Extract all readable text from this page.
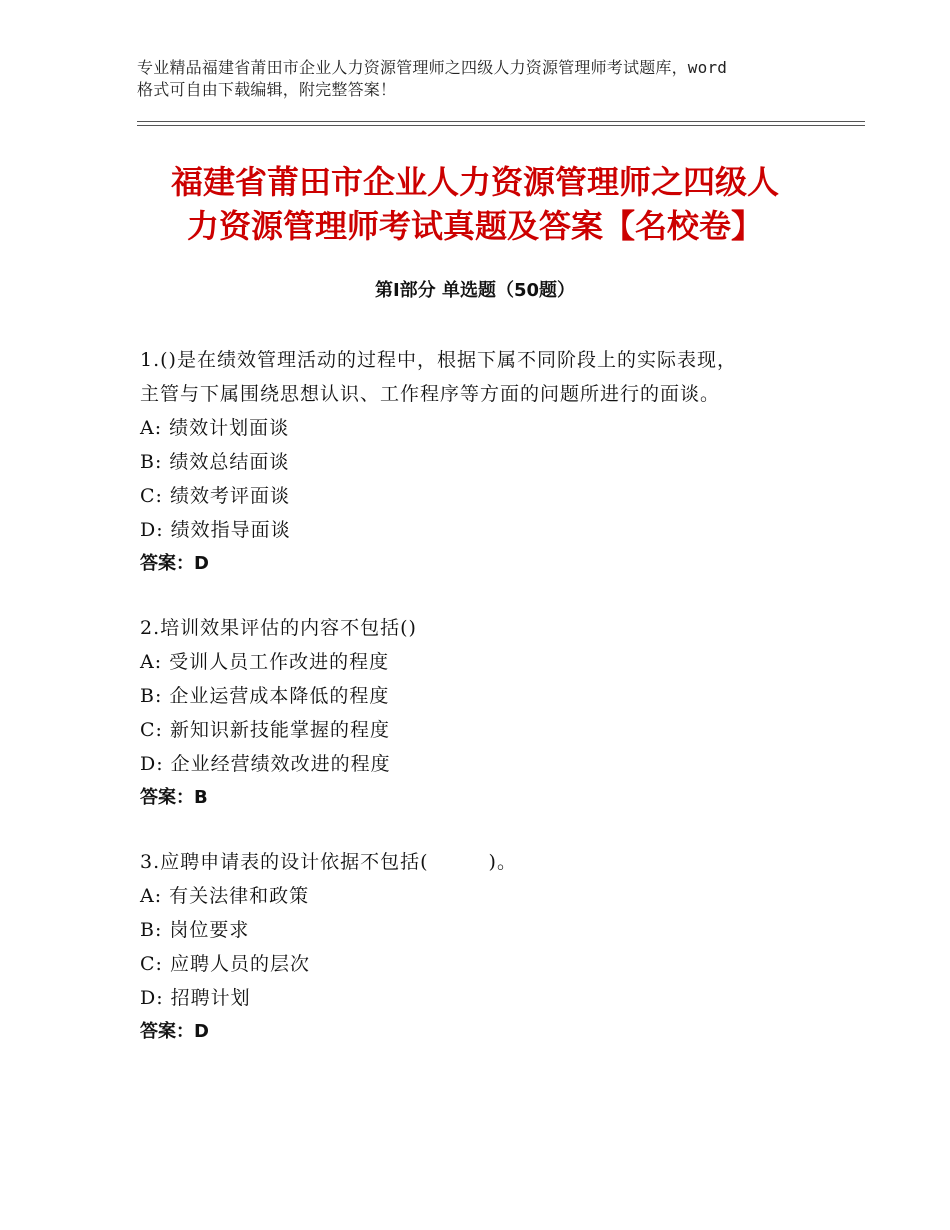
专业精品福建省莆田市企业人力资源管理师之四级人力资源管理师考试题库，word
格式可自由下载编辑，附完整答案！
福建省莆田市企业人力资源管理师之四级人
力资源管理师考试真题及答案【名校卷】
第Ⅰ部分 单选题（50题）
1.()是在绩效管理活动的过程中，根据下属不同阶段上的实际表现，
主管与下属围绕思想认识、工作程序等方面的问题所进行的面谈。
A: 绩效计划面谈
B: 绩效总结面谈
C: 绩效考评面谈
D: 绩效指导面谈
答案：D
2.培训效果评估的内容不包括()
A: 受训人员工作改进的程度
B: 企业运营成本降低的程度
C: 新知识新技能掌握的程度
D: 企业经营绩效改进的程度
答案：B
3.应聘申请表的设计依据不包括(　　　)。
A: 有关法律和政策
B: 岗位要求
C: 应聘人员的层次
D: 招聘计划
答案：D
